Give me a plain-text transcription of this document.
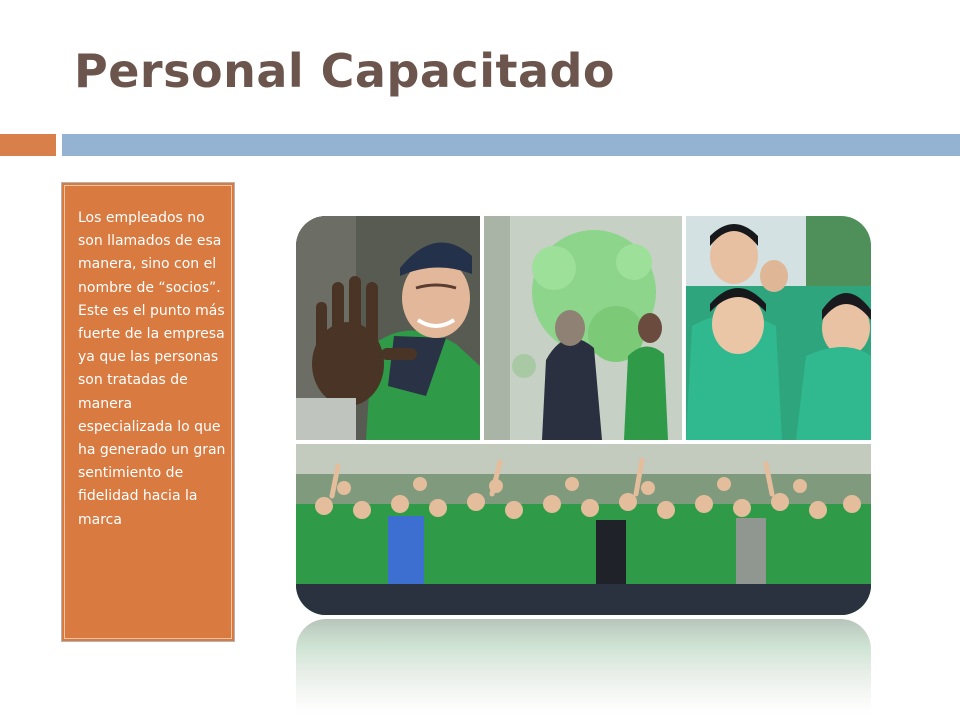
Personal Capacitado

Los empleados no son llamados de esa manera, sino con el nombre de “socios”. Este es el punto más fuerte de la empresa ya que las personas son tratadas de manera especializada lo que ha generado un gran sentimiento de fidelidad hacia la marca
